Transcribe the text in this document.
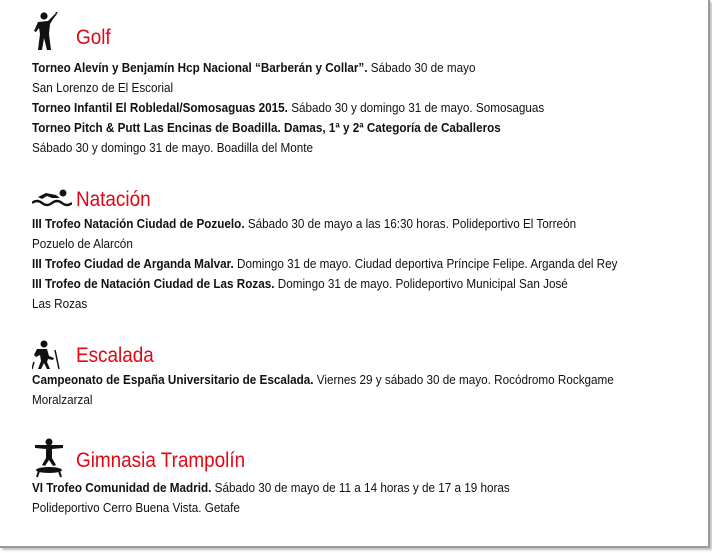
Golf
Torneo Alevín y Benjamín Hcp Nacional “Barberán y Collar”. Sábado 30 de mayo
San Lorenzo de El Escorial
Torneo Infantil El Robledal/Somosaguas 2015. Sábado 30 y domingo 31 de mayo. Somosaguas
Torneo Pitch & Putt Las Encinas de Boadilla. Damas, 1ª y 2ª Categoría de Caballeros
Sábado 30 y domingo 31 de mayo. Boadilla del Monte
Natación
III Trofeo Natación Ciudad de Pozuelo. Sábado 30 de mayo a las 16:30 horas. Polideportivo El Torreón
Pozuelo de Alarcón
III Trofeo Ciudad de Arganda Malvar. Domingo 31 de mayo. Ciudad deportiva Príncipe Felipe. Arganda del Rey
III Trofeo de Natación Ciudad de Las Rozas. Domingo 31 de mayo. Polideportivo Municipal San José
Las Rozas
Escalada
Campeonato de España Universitario de Escalada. Viernes 29 y sábado 30 de mayo. Rocódromo Rockgame
Moralzarzal
Gimnasia Trampolín
VI Trofeo Comunidad de Madrid. Sábado 30 de mayo de 11 a 14 horas y de 17 a 19 horas
Polideportivo Cerro Buena Vista. Getafe
